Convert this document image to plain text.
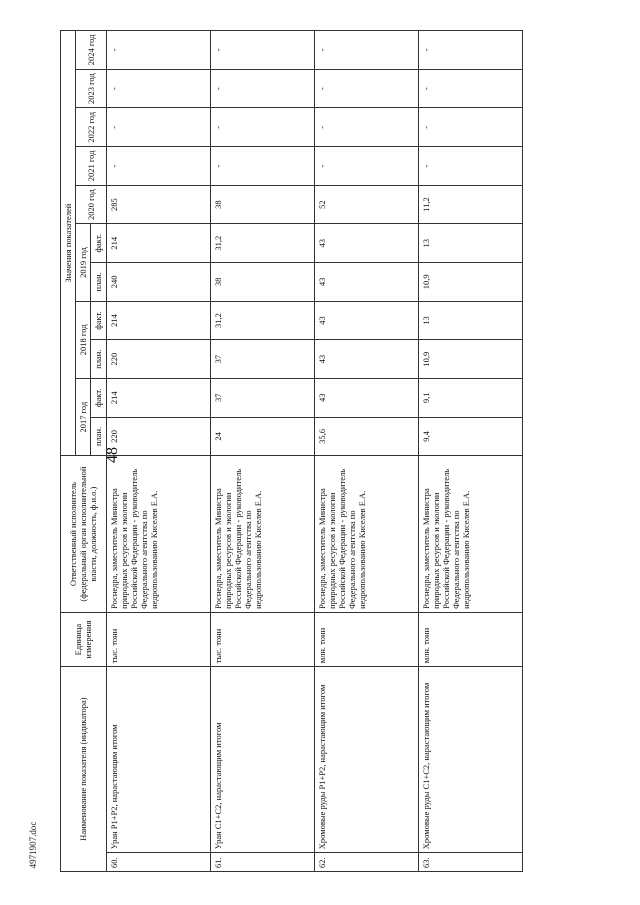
48
4971907.doc
Наименование показателя (индикатора)		Единица измерения	Ответственный исполнитель (федеральный орган исполнительной власти, должность, ф.и.о.)	Значения показателей										
				2017 год		2018 год		2019 год		2020 год	2021 год	2022 год	2023 год	2024 год
				план.	факт.	план.	факт.	план.	факт.					
60.	Уран Р1+Р2, нарастающим итогом	тыс. тонн	Роснедра, заместитель Министра природных ресурсов и экологии Российской Федерации - руководитель Федерального агентства по недропользованию Киселев Е.А.	220	214	220	214	240	214	285	-	-	-	-
61.	Уран С1+С2, нарастающим итогом	тыс. тонн	Роснедра, заместитель Министра природных ресурсов и экологии Российской Федерации - руководитель Федерального агентства по недропользованию Киселев Е.А.	24	37	37	31,2	38	31,2	38	-	-	-	-
62.	Хромовые руды Р1+Р2, нарастающим итогом	млн. тонн	Роснедра, заместитель Министра природных ресурсов и экологии Российской Федерации - руководитель Федерального агентства по недропользованию Киселев Е.А.	35,6	43	43	43	43	43	52	-	-	-	-
63.	Хромовые руды С1+С2, нарастающим итогом	млн. тонн	Роснедра, заместитель Министра природных ресурсов и экологии Российской Федерации - руководитель Федерального агентства по недропользованию Киселев Е.А.	9,4	9,1	10,9	13	10,9	13	11,2	-	-	-	-
